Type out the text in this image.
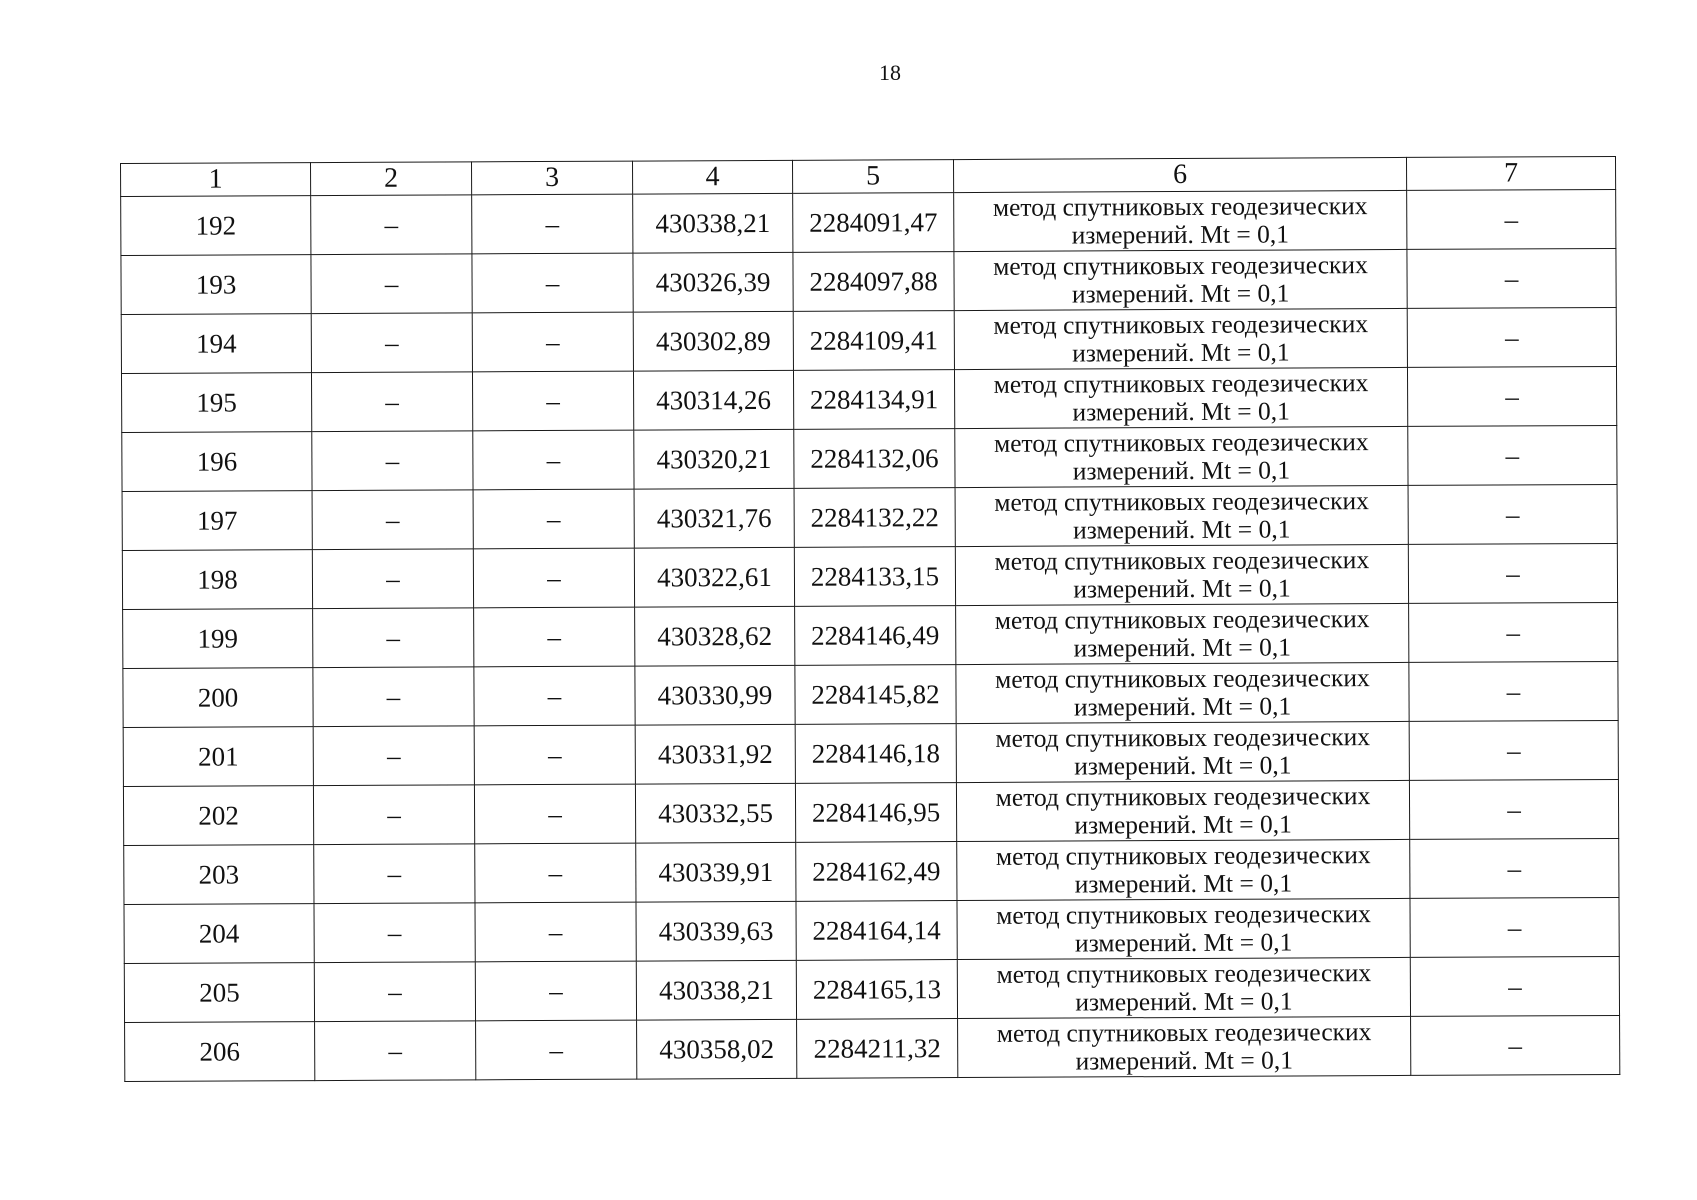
18
1	2	3	4	5	6	7
192	–	–	430338,21	2284091,47	метод спутниковых геодезических
измерений. Mt = 0,1	–
193	–	–	430326,39	2284097,88	метод спутниковых геодезических
измерений. Mt = 0,1	–
194	–	–	430302,89	2284109,41	метод спутниковых геодезических
измерений. Mt = 0,1	–
195	–	–	430314,26	2284134,91	метод спутниковых геодезических
измерений. Mt = 0,1	–
196	–	–	430320,21	2284132,06	метод спутниковых геодезических
измерений. Mt = 0,1	–
197	–	–	430321,76	2284132,22	метод спутниковых геодезических
измерений. Mt = 0,1	–
198	–	–	430322,61	2284133,15	метод спутниковых геодезических
измерений. Mt = 0,1	–
199	–	–	430328,62	2284146,49	метод спутниковых геодезических
измерений. Mt = 0,1	–
200	–	–	430330,99	2284145,82	метод спутниковых геодезических
измерений. Mt = 0,1	–
201	–	–	430331,92	2284146,18	метод спутниковых геодезических
измерений. Mt = 0,1	–
202	–	–	430332,55	2284146,95	метод спутниковых геодезических
измерений. Mt = 0,1	–
203	–	–	430339,91	2284162,49	метод спутниковых геодезических
измерений. Mt = 0,1	–
204	–	–	430339,63	2284164,14	метод спутниковых геодезических
измерений. Mt = 0,1	–
205	–	–	430338,21	2284165,13	метод спутниковых геодезических
измерений. Mt = 0,1	–
206	–	–	430358,02	2284211,32	метод спутниковых геодезических
измерений. Mt = 0,1	–
